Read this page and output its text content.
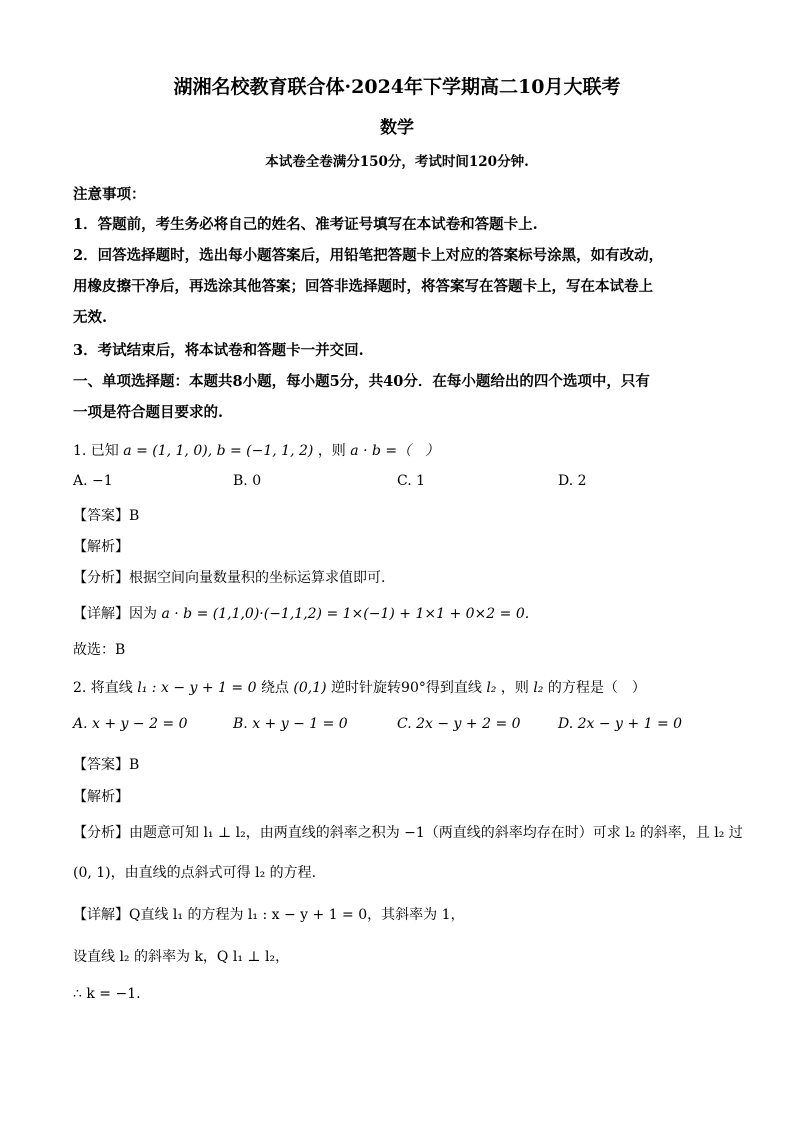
湖湘名校教育联合体·2024年下学期高二10月大联考
数学
本试卷全卷满分150分，考试时间120分钟.
注意事项：
1．答题前，考生务必将自己的姓名、准考证号填写在本试卷和答题卡上.
2．回答选择题时，选出每小题答案后，用铅笔把答题卡上对应的答案标号涂黑，如有改动，
用橡皮擦干净后，再选涂其他答案；回答非选择题时，将答案写在答题卡上，写在本试卷上
无效.
3．考试结束后，将本试卷和答题卡一并交回.
一、单项选择题：本题共8小题，每小题5分，共40分．在每小题给出的四个选项中，只有
一项是符合题目要求的.
1. 已知 a = (1, 1, 0), b = (−1, 1, 2) ，则 a · b =（　）
A. −1	B. 0	C. 1	D. 2
【答案】B
【解析】
【分析】根据空间向量数量积的坐标运算求值即可.
【详解】因为 a · b = (1,1,0)·(−1,1,2) = 1×(−1) + 1×1 + 0×2 = 0.
故选：B
2. 将直线 l₁ : x − y + 1 = 0 绕点 (0,1) 逆时针旋转90°得到直线 l₂ ，则 l₂ 的方程是（　）
A. x + y − 2 = 0	B. x + y − 1 = 0	C. 2x − y + 2 = 0	D. 2x − y + 1 = 0
【答案】B
【解析】
【分析】由题意可知 l₁ ⊥ l₂，由两直线的斜率之积为 −1（两直线的斜率均存在时）可求 l₂ 的斜率，且 l₂ 过
(0, 1)，由直线的点斜式可得 l₂ 的方程.
【详解】Q直线 l₁ 的方程为 l₁ : x − y + 1 = 0，其斜率为 1，
设直线 l₂ 的斜率为 k，Q l₁ ⊥ l₂，
∴ k = −1.
